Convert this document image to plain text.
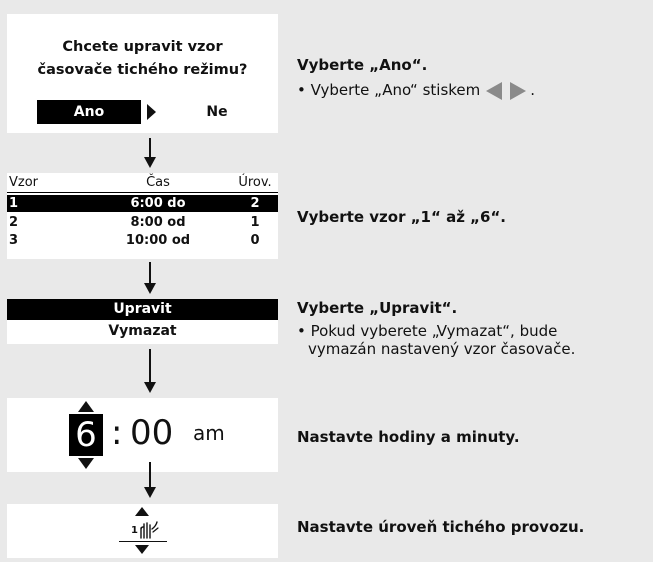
Chcete upravit vzor
časovače tichého režimu?
Ano	Ne
Vyberte „Ano“.
• Vyberte „Ano“ stiskem	.
Vzor	Čas	Úrov.
1	6:00 do	2
2	8:00 od	1
3	10:00 od	0
Vyberte vzor „1“ až „6“.
Upravit
Vymazat
Vyberte „Upravit“.
• Pokud vyberete „Vymazat“, bude
vymazán nastavený vzor časovače.
6 : 00 am	Nastavte hodiny a minuty.
1	Nastavte úroveň tichého provozu.
